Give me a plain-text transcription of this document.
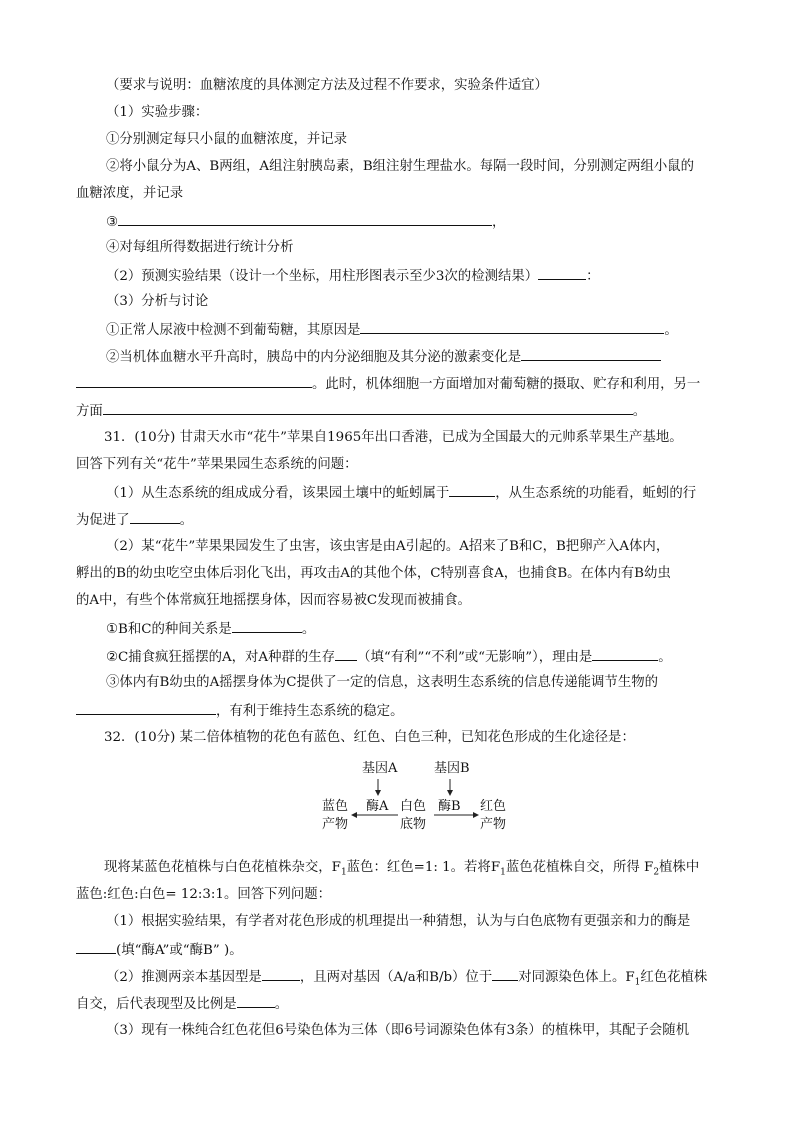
（要求与说明：血糖浓度的具体测定方法及过程不作要求，实验条件适宜）
（1）实验步骤：
①分别测定每只小鼠的血糖浓度，并记录
②将小鼠分为A、B两组，A组注射胰岛素，B组注射生理盐水。每隔一段时间，分别测定两组小鼠的
血糖浓度，并记录
③	，
④对每组所得数据进行统计分析
（2）预测实验结果（设计一个坐标，用柱形图表示至少3次的检测结果）	：
（3）分析与讨论
①正常人尿液中检测不到葡萄糖，其原因是	。
②当机体血糖水平升高时，胰岛中的内分泌细胞及其分泌的激素变化是
。此时，机体细胞一方面增加对葡萄糖的摄取、贮存和利用，另一
方面	。
31．(10分) 甘肃天水市“花牛”苹果自1965年出口香港，已成为全国最大的元帅系苹果生产基地。
回答下列有关“花牛”苹果果园生态系统的问题：
（1）从生态系统的组成成分看，该果园土壤中的蚯蚓属于	，从生态系统的功能看，蚯蚓的行
为促进了	。
（2）某“花牛”苹果果园发生了虫害，该虫害是由A引起的。A招来了B和C，B把卵产入A体内，
孵出的B的幼虫吃空虫体后羽化飞出，再攻击A的其他个体，C特别喜食A，也捕食B。在体内有B幼虫
的A中，有些个体常疯狂地摇摆身体，因而容易被C发现而被捕食。
①B和C的种间关系是	。
②C捕食疯狂摇摆的A，对A种群的生存 （填“有利”“不利”或“无影响”），理由是	。
③体内有B幼虫的A摇摆身体为C提供了一定的信息，这表明生态系统的信息传递能调节生物的
，有利于维持生态系统的稳定。
32．(10分) 某二倍体植物的花色有蓝色、红色、白色三种，已知花色形成的生化途径是：
基因A	基因B
蓝色
产物
酶A 白色
底物
酶B 红色
产物
现将某蓝色花植株与白色花植株杂交，$F_1$蓝色：红色=1: 1。若将$F_1$蓝色花植株自交，所得 $F_2$植株中
蓝色:红色:白色= 12:3:1。回答下列问题：
（1）根据实验结果，有学者对花色形成的机理提出一种猜想，认为与白色底物有更强亲和力的酶是
(填“酶A”或“酶B” )。
（2）推测两亲本基因型是	，且两对基因（A/a和B/b）位于 对同源染色体上。$F_1$红色花植株
自交，后代表现型及比例是	。
（3）现有一株纯合红色花但6号染色体为三体（即6号词源染色体有3条）的植株甲，其配子会随机
